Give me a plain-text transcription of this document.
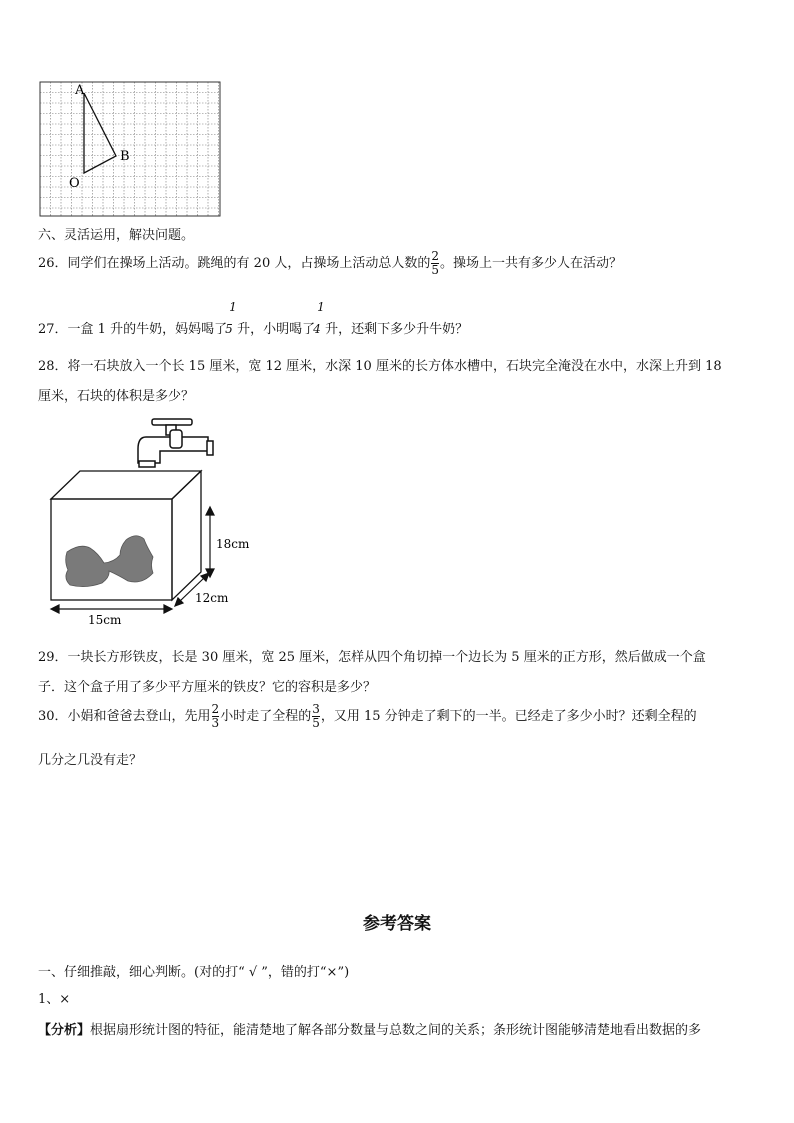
A
B
O
六、灵活运用，解决问题。
26．同学们在操场上活动。跳绳的有 20 人，占操场上活动总人数的 $\frac{2}{5}$ 。操场上一共有多少人在活动？
27．一盒 1 升的牛奶，妈妈喝了
1
5 升，小明喝了
1
4 升，还剩下多少升牛奶？
28．将一石块放入一个长 15 厘米，宽 12 厘米，水深 10 厘米的长方体水槽中，石块完全淹没在水中，水深上升到 18
厘米，石块的体积是多少？
18cm
12cm
15cm
29．一块长方形铁皮，长是 30 厘米，宽 25 厘米，怎样从四个角切掉一个边长为 5 厘米的正方形，然后做成一个盒
子．这个盒子用了多少平方厘米的铁皮？它的容积是多少？
30．小娟和爸爸去登山，先用 $\frac{2}{3}$ 小时走了全程的 $\frac{3}{5}$ ，又用 15 分钟走了剩下的一半。已经走了多少小时？还剩全程的
几分之几没有走？
参考答案
一、仔细推敲，细心判断。(对的打“ √ ”，错的打“×”)
1、×
【分析】根据扇形统计图的特征，能清楚地了解各部分数量与总数之间的关系；条形统计图能够清楚地看出数据的多
